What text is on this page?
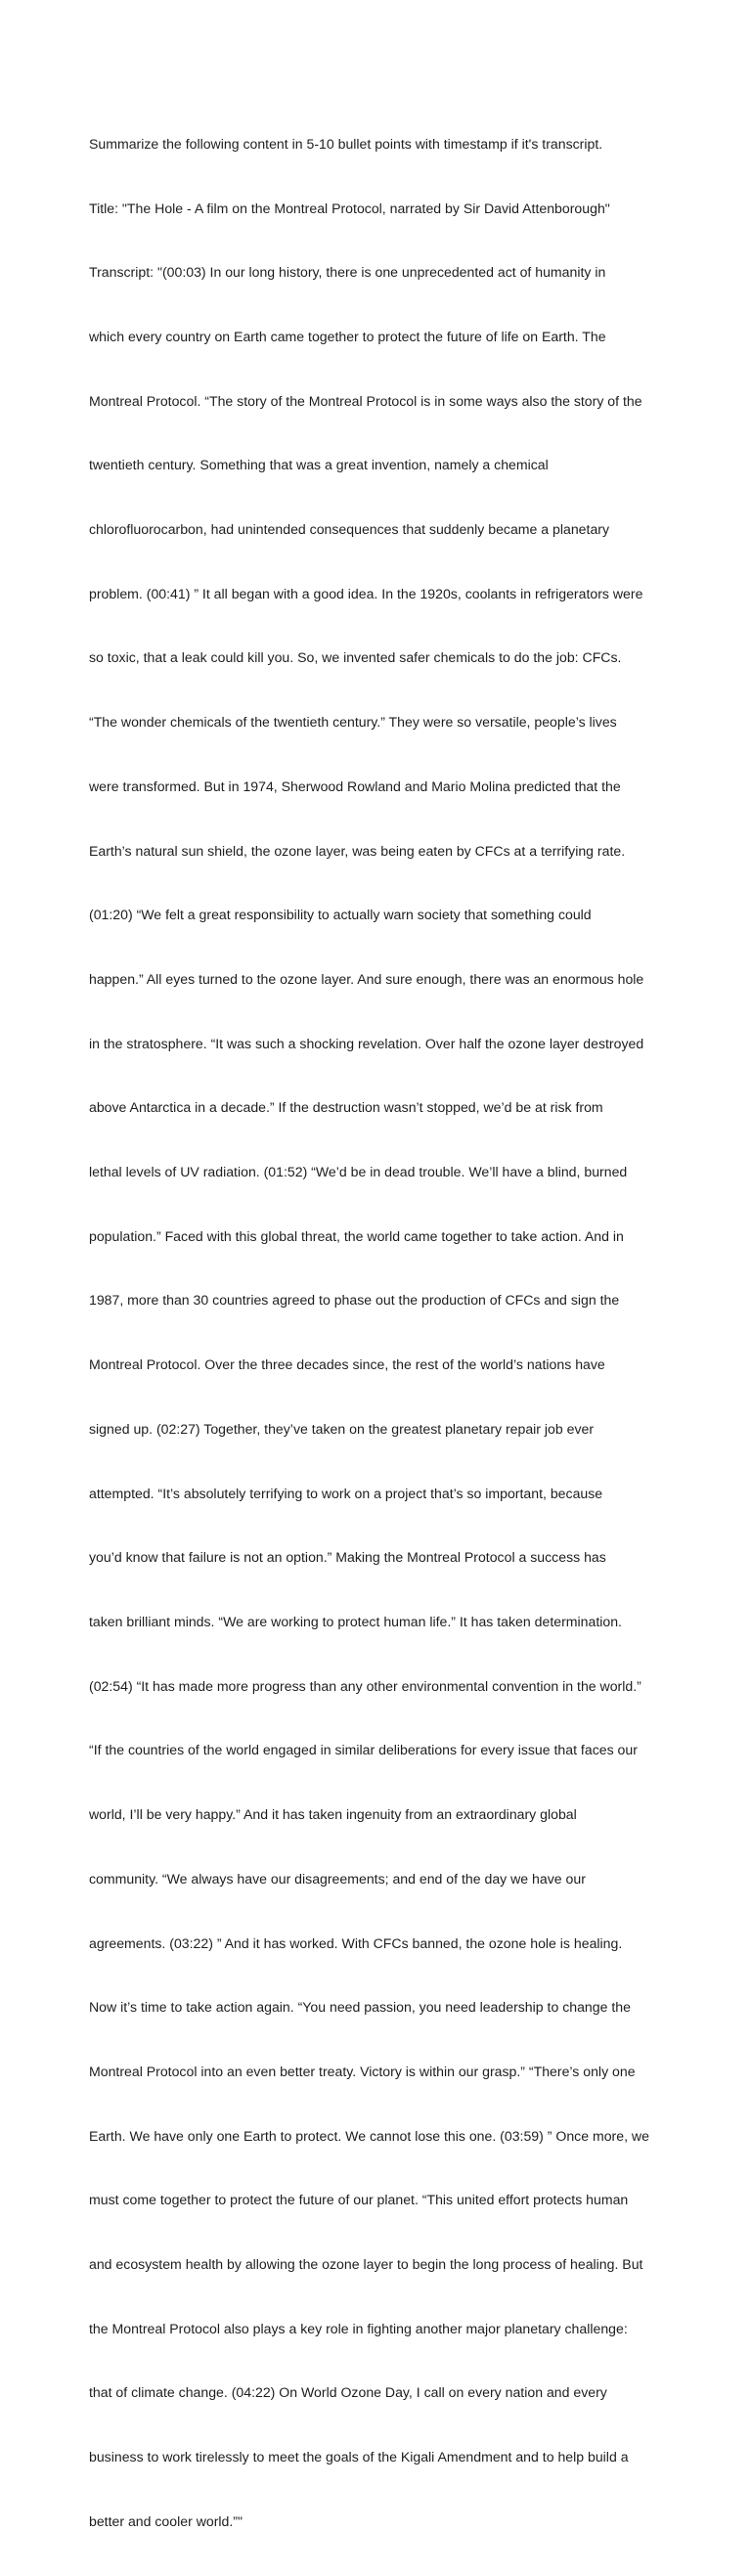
Summarize the following content in 5-10 bullet points with timestamp if it's transcript.

Title: "The Hole - A film on the Montreal Protocol, narrated by Sir David Attenborough"

Transcript: "(00:03) In our long history, there is one unprecedented act of humanity in

which every country on Earth came together to protect the future of life on Earth. The

Montreal Protocol. “The story of the Montreal Protocol is in some ways also the story of the

twentieth century. Something that was a great invention, namely a chemical

chlorofluorocarbon, had unintended consequences that suddenly became a planetary

problem. (00:41) ” It all began with a good idea. In the 1920s, coolants in refrigerators were

so toxic, that a leak could kill you. So, we invented safer chemicals to do the job: CFCs.

“The wonder chemicals of the twentieth century.” They were so versatile, people’s lives

were transformed. But in 1974, Sherwood Rowland and Mario Molina predicted that the

Earth’s natural sun shield, the ozone layer, was being eaten by CFCs at a terrifying rate.

(01:20) “We felt a great responsibility to actually warn society that something could

happen.” All eyes turned to the ozone layer. And sure enough, there was an enormous hole

in the stratosphere. “It was such a shocking revelation. Over half the ozone layer destroyed

above Antarctica in a decade.” If the destruction wasn’t stopped, we’d be at risk from

lethal levels of UV radiation. (01:52) “We’d be in dead trouble. We’ll have a blind, burned

population.” Faced with this global threat, the world came together to take action. And in

1987, more than 30 countries agreed to phase out the production of CFCs and sign the

Montreal Protocol. Over the three decades since, the rest of the world’s nations have

signed up. (02:27) Together, they’ve taken on the greatest planetary repair job ever

attempted. “It’s absolutely terrifying to work on a project that’s so important, because

you’d know that failure is not an option.” Making the Montreal Protocol a success has

taken brilliant minds. “We are working to protect human life.” It has taken determination.

(02:54) “It has made more progress than any other environmental convention in the world.”

“If the countries of the world engaged in similar deliberations for every issue that faces our

world, I’ll be very happy.” And it has taken ingenuity from an extraordinary global

community. “We always have our disagreements; and end of the day we have our

agreements. (03:22) ” And it has worked. With CFCs banned, the ozone hole is healing.

Now it’s time to take action again. “You need passion, you need leadership to change the

Montreal Protocol into an even better treaty. Victory is within our grasp.” “There’s only one

Earth. We have only one Earth to protect. We cannot lose this one. (03:59) ” Once more, we

must come together to protect the future of our planet. “This united effort protects human

and ecosystem health by allowing the ozone layer to begin the long process of healing. But

the Montreal Protocol also plays a key role in fighting another major planetary challenge:

that of climate change. (04:22) On World Ozone Day, I call on every nation and every

business to work tirelessly to meet the goals of the Kigali Amendment and to help build a

better and cooler world.”"
